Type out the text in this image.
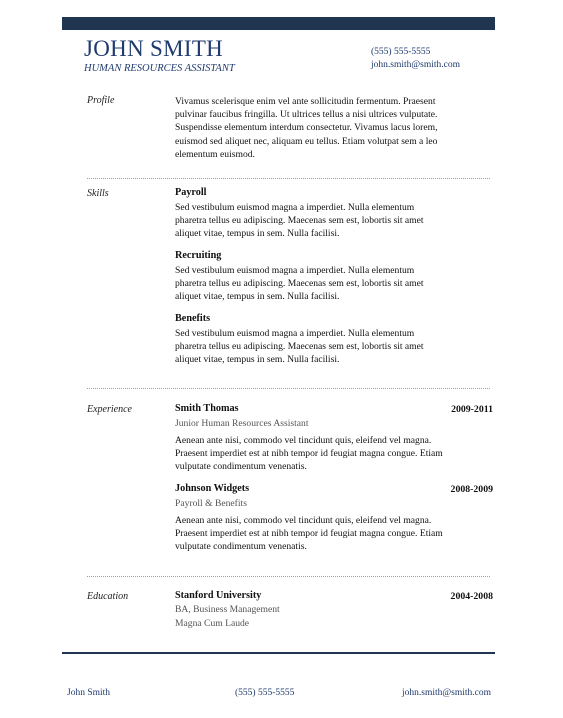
JOHN SMITH
HUMAN RESOURCES ASSISTANT
(555) 555-5555
john.smith@smith.com
Profile	Vivamus scelerisque enim vel ante sollicitudin fermentum. Praesent
pulvinar faucibus fringilla. Ut ultrices tellus a nisi ultrices vulputate.
Suspendisse elementum interdum consectetur. Vivamus lacus lorem,
euismod sed aliquet nec, aliquam eu tellus. Etiam volutpat sem a leo
elementum euismod.
Skills	Payroll
Sed vestibulum euismod magna a imperdiet. Nulla elementum
pharetra tellus eu adipiscing. Maecenas sem est, lobortis sit amet
aliquet vitae, tempus in sem. Nulla facilisi.
Recruiting
Sed vestibulum euismod magna a imperdiet. Nulla elementum
pharetra tellus eu adipiscing. Maecenas sem est, lobortis sit amet
aliquet vitae, tempus in sem. Nulla facilisi.
Benefits
Sed vestibulum euismod magna a imperdiet. Nulla elementum
pharetra tellus eu adipiscing. Maecenas sem est, lobortis sit amet
aliquet vitae, tempus in sem. Nulla facilisi.
Experience	Smith Thomas	2009-2011
Junior Human Resources Assistant
Aenean ante nisi, commodo vel tincidunt quis, eleifend vel magna.
Praesent imperdiet est at nibh tempor id feugiat magna congue. Etiam
vulputate condimentum venenatis.
Johnson Widgets	2008-2009
Payroll & Benefits
Aenean ante nisi, commodo vel tincidunt quis, eleifend vel magna.
Praesent imperdiet est at nibh tempor id feugiat magna congue. Etiam
vulputate condimentum venenatis.
Education	Stanford University	2004-2008
BA, Business Management
Magna Cum Laude
John Smith	(555) 555-5555	john.smith@smith.com
